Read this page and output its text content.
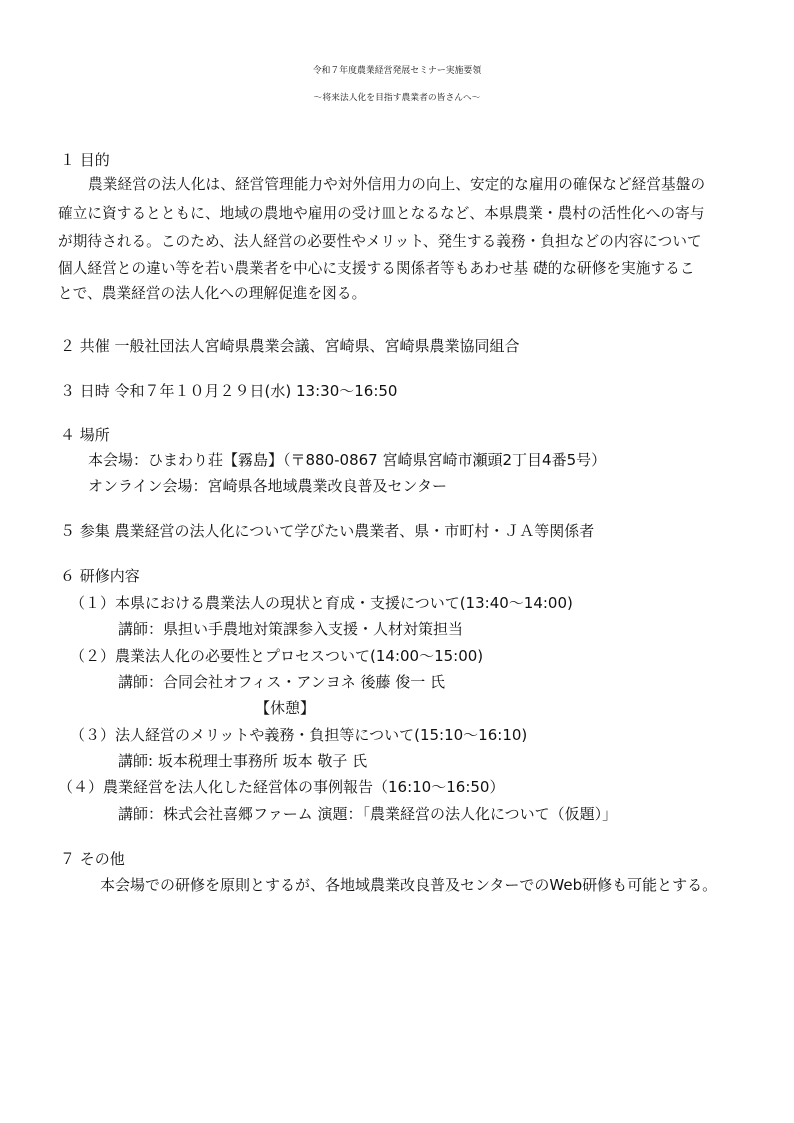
令和７年度農業経営発展セミナー実施要領
～将来法人化を目指す農業者の皆さんへ～
１ 目的
農業経営の法人化は、経営管理能力や対外信用力の向上、安定的な雇用の確保など経営基盤の
確立に資するとともに、地域の農地や雇用の受け皿となるなど、本県農業・農村の活性化への寄与
が期待される。このため、法人経営の必要性やメリット、発生する義務・負担などの内容について
個人経営との違い等を若い農業者を中心に支援する関係者等もあわせ基 礎的な研修を実施するこ
とで、農業経営の法人化への理解促進を図る。
２ 共催 一般社団法人宮崎県農業会議、宮崎県、宮崎県農業協同組合
３ 日時 令和７年１０月２９日(水) 13:30～16:50
４ 場所
本会場：ひまわり荘【霧島】（〒880-0867 宮崎県宮崎市瀬頭2丁目4番5号）
オンライン会場：宮崎県各地域農業改良普及センター
５ 参集 農業経営の法人化について学びたい農業者、県・市町村・ＪＡ等関係者
６ 研修内容
（１）本県における農業法人の現状と育成・支援について(13:40～14:00)
講師：県担い手農地対策課参入支援・人材対策担当
（２）農業法人化の必要性とプロセスついて(14:00～15:00)
講師：合同会社オフィス・アンヨネ 後藤 俊一 氏
【休憩】
（３）法人経営のメリットや義務・負担等について(15:10～16:10)
講師: 坂本税理士事務所 坂本 敬子 氏
（４）農業経営を法人化した経営体の事例報告（16:10～16:50）
講師：株式会社喜郷ファーム 演題：「農業経営の法人化について（仮題）」
７ その他
本会場での研修を原則とするが、各地域農業改良普及センターでのWeb研修も可能とする。
